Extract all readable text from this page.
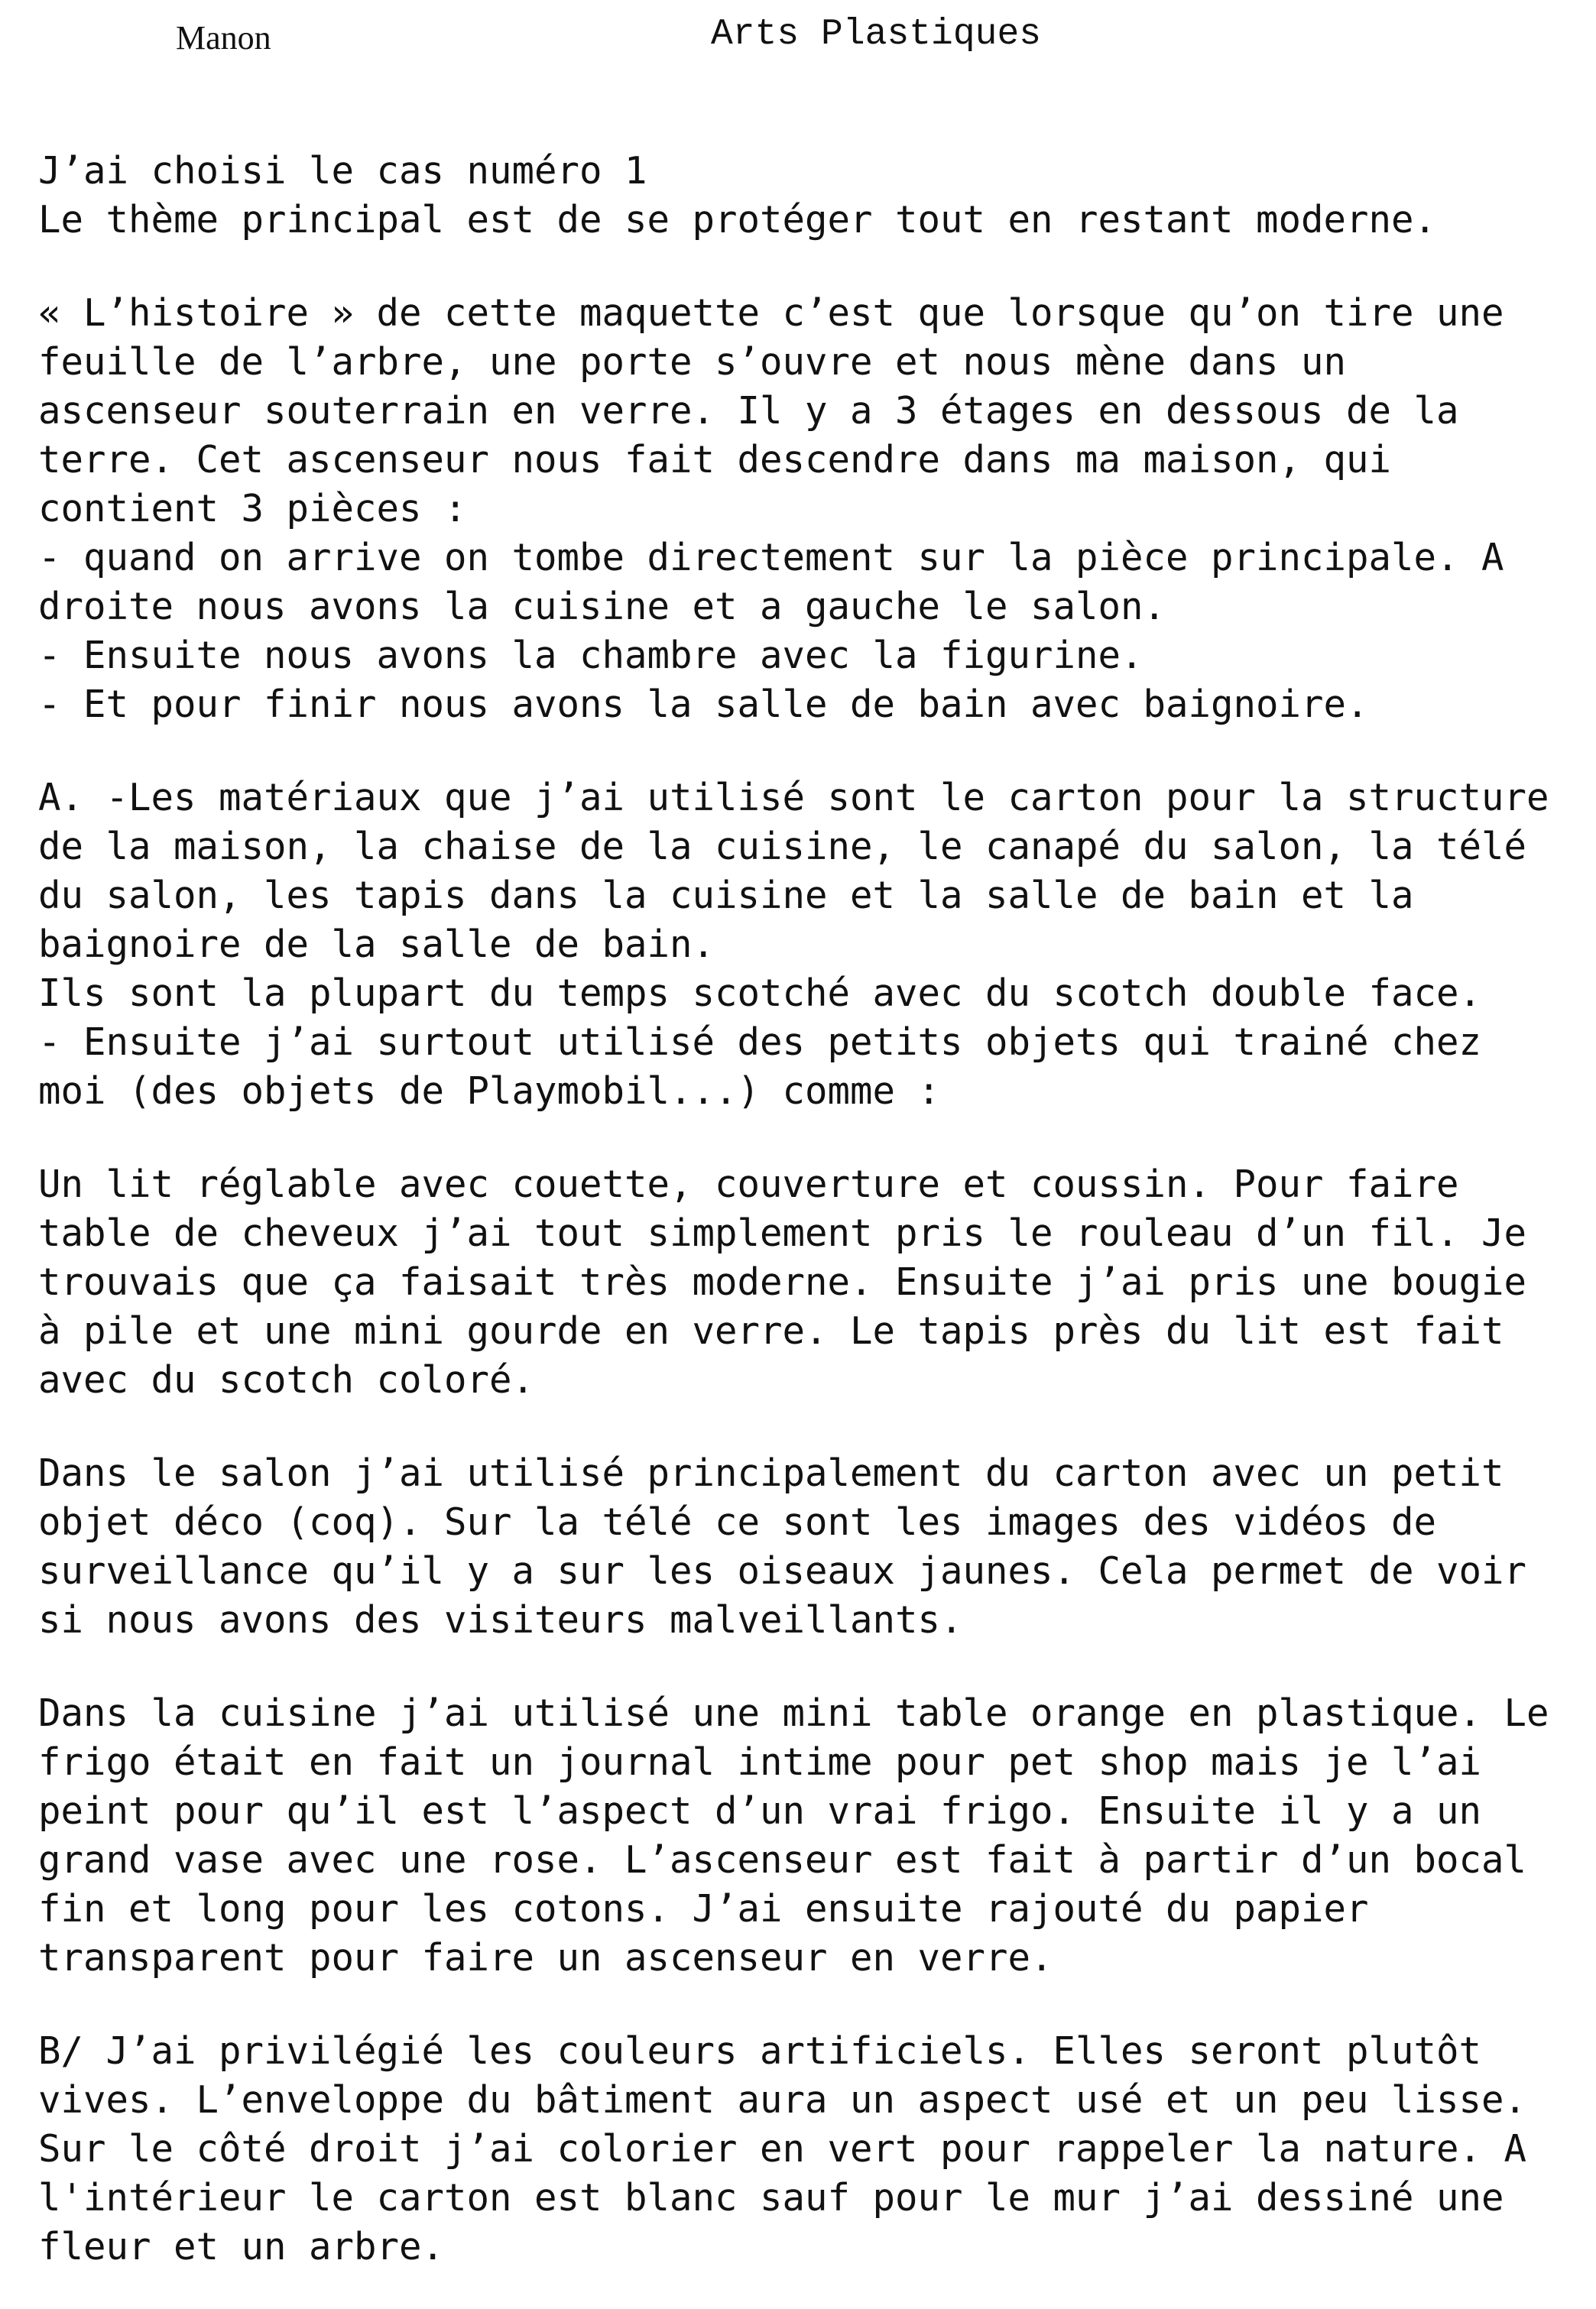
Manon	Arts Plastiques
J’ai choisi le cas numéro 1
Le thème principal est de se protéger tout en restant moderne.
« L’histoire » de cette maquette c’est que lorsque qu’on tire une
feuille de l’arbre, une porte s’ouvre et nous mène dans un
ascenseur souterrain en verre. Il y a 3 étages en dessous de la
terre. Cet ascenseur nous fait descendre dans ma maison, qui
contient 3 pièces :
- quand on arrive on tombe directement sur la pièce principale. A
droite nous avons la cuisine et a gauche le salon.
- Ensuite nous avons la chambre avec la figurine.
- Et pour finir nous avons la salle de bain avec baignoire.
A. -Les matériaux que j’ai utilisé sont le carton pour la structure
de la maison, la chaise de la cuisine, le canapé du salon, la télé
du salon, les tapis dans la cuisine et la salle de bain et la
baignoire de la salle de bain.
Ils sont la plupart du temps scotché avec du scotch double face.
- Ensuite j’ai surtout utilisé des petits objets qui trainé chez
moi (des objets de Playmobil...) comme :
Un lit réglable avec couette, couverture et coussin. Pour faire
table de cheveux j’ai tout simplement pris le rouleau d’un fil. Je
trouvais que ça faisait très moderne. Ensuite j’ai pris une bougie
à pile et une mini gourde en verre. Le tapis près du lit est fait
avec du scotch coloré.
Dans le salon j’ai utilisé principalement du carton avec un petit
objet déco (coq). Sur la télé ce sont les images des vidéos de
surveillance qu’il y a sur les oiseaux jaunes. Cela permet de voir
si nous avons des visiteurs malveillants.
Dans la cuisine j’ai utilisé une mini table orange en plastique. Le
frigo était en fait un journal intime pour pet shop mais je l’ai
peint pour qu’il est l’aspect d’un vrai frigo. Ensuite il y a un
grand vase avec une rose. L’ascenseur est fait à partir d’un bocal
fin et long pour les cotons. J’ai ensuite rajouté du papier
transparent pour faire un ascenseur en verre.
B/ J’ai privilégié les couleurs artificiels. Elles seront plutôt
vives. L’enveloppe du bâtiment aura un aspect usé et un peu lisse.
Sur le côté droit j’ai colorier en vert pour rappeler la nature. A
l'intérieur le carton est blanc sauf pour le mur j’ai dessiné une
fleur et un arbre.
